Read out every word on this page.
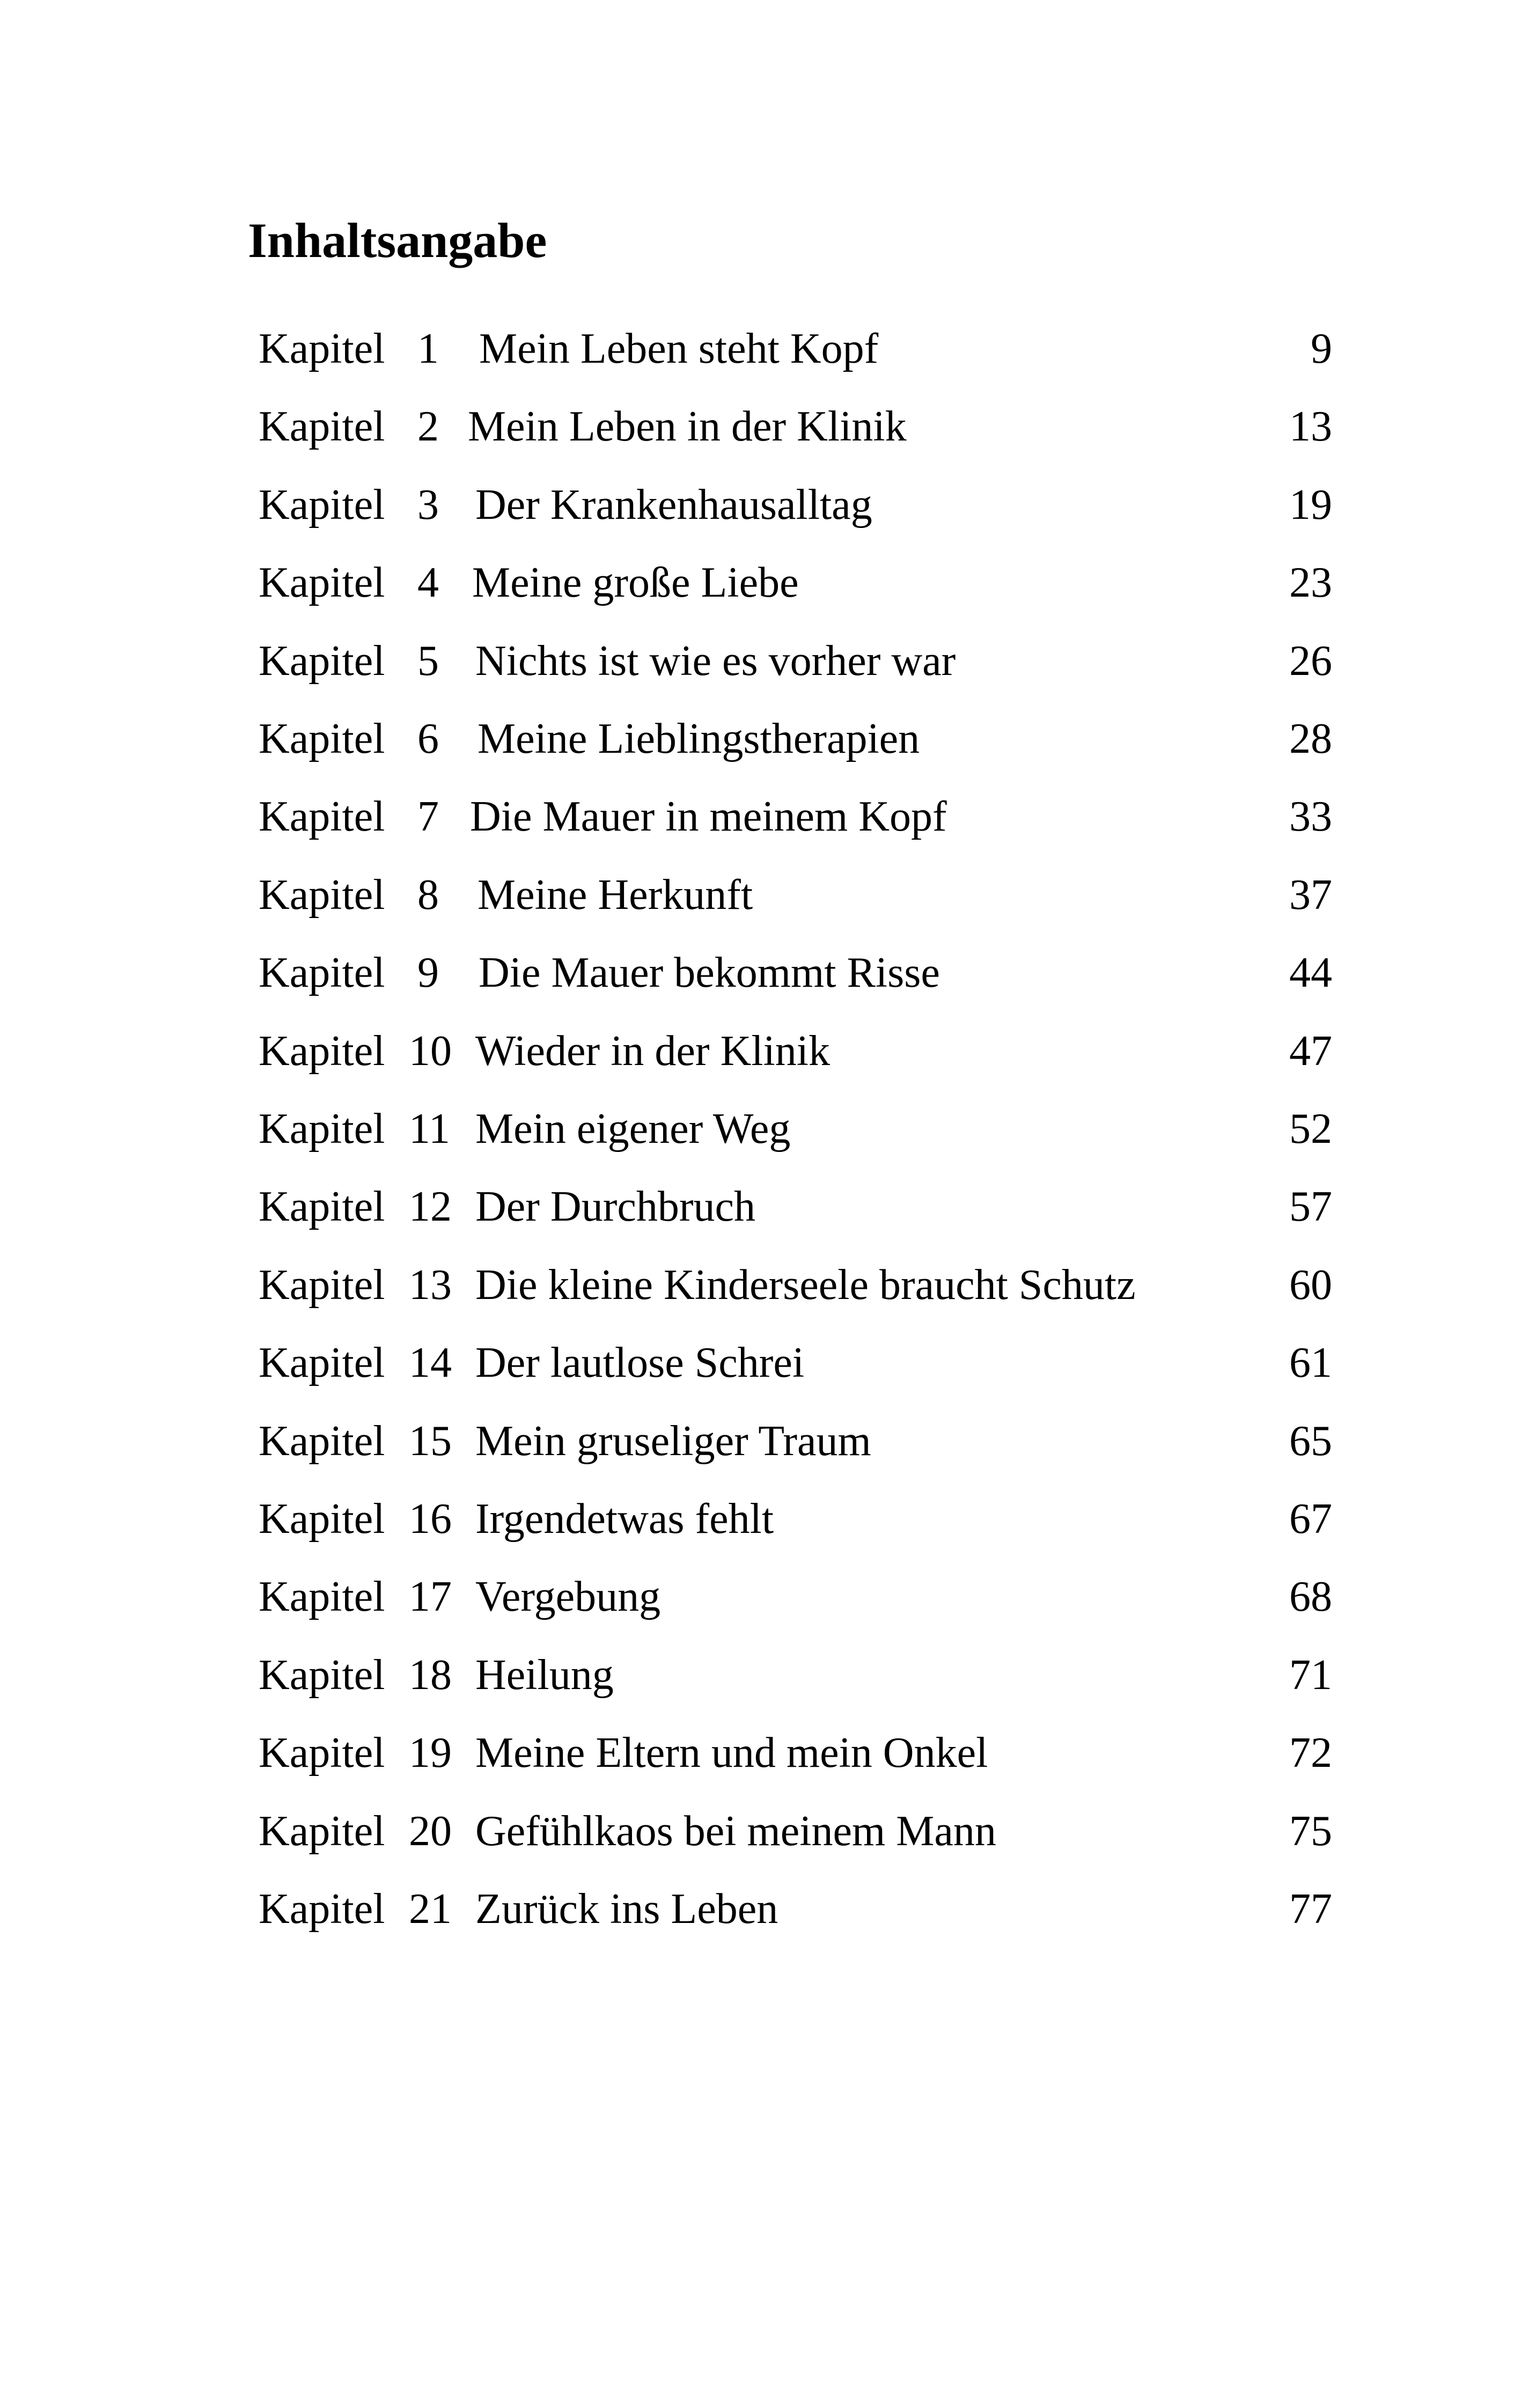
Inhaltsangabe
Kapitel 1 Mein Leben steht Kopf	9
Kapitel 2 Mein Leben in der Klinik	13
Kapitel 3 Der Krankenhausalltag	19
Kapitel 4 Meine große Liebe	23
Kapitel 5 Nichts ist wie es vorher war	26
Kapitel 6 Meine Lieblingstherapien	28
Kapitel 7 Die Mauer in meinem Kopf	33
Kapitel 8 Meine Herkunft	37
Kapitel 9 Die Mauer bekommt Risse	44
Kapitel 10 Wieder in der Klinik	47
Kapitel 11 Mein eigener Weg	52
Kapitel 12 Der Durchbruch	57
Kapitel 13 Die kleine Kinderseele braucht Schutz	60
Kapitel 14 Der lautlose Schrei	61
Kapitel 15 Mein gruseliger Traum	65
Kapitel 16 Irgendetwas fehlt	67
Kapitel 17 Vergebung	68
Kapitel 18 Heilung	71
Kapitel 19 Meine Eltern und mein Onkel	72
Kapitel 20 Gefühlkaos bei meinem Mann	75
Kapitel 21 Zurück ins Leben	77
